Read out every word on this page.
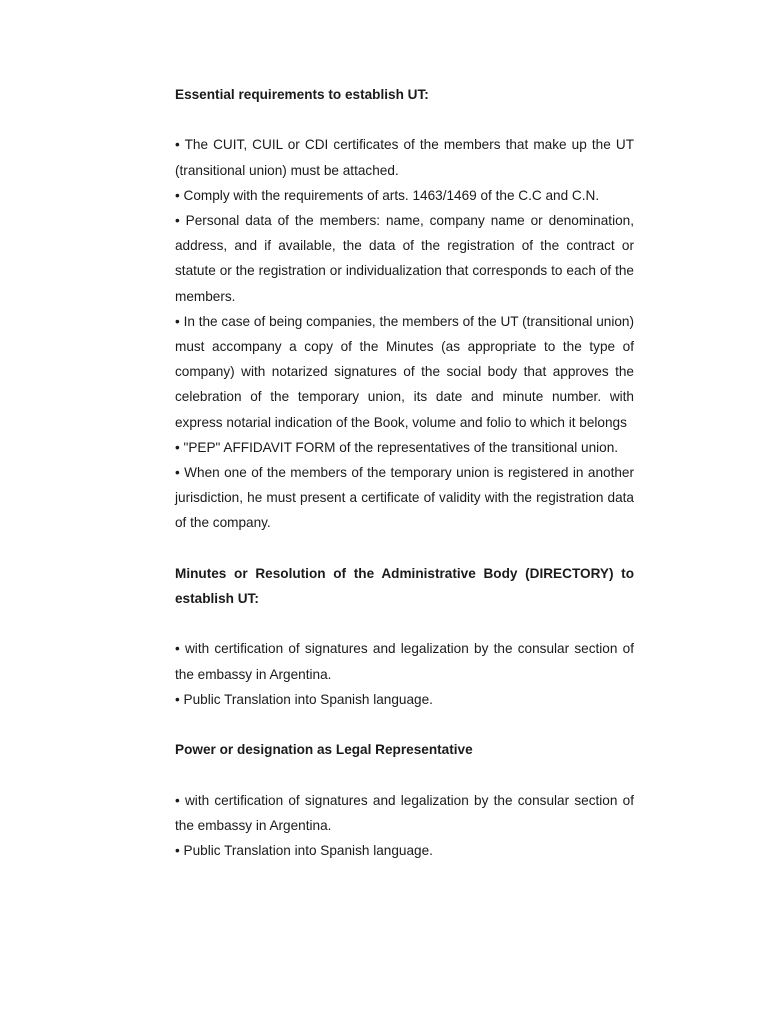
Essential requirements to establish UT:

• The CUIT, CUIL or CDI certificates of the members that make up the UT (transitional union) must be attached.

• Comply with the requirements of arts. 1463/1469 of the C.C and C.N.

• Personal data of the members: name, company name or denomination, address, and if available, the data of the registration of the contract or statute or the registration or individualization that corresponds to each of the members.

• In the case of being companies, the members of the UT (transitional union) must accompany a copy of the Minutes (as appropriate to the type of company) with notarized signatures of the social body that approves the celebration of the temporary union, its date and minute number. with express notarial indication of the Book, volume and folio to which it belongs

• "PEP" AFFIDAVIT FORM of the representatives of the transitional union.

• When one of the members of the temporary union is registered in another jurisdiction, he must present a certificate of validity with the registration data of the company.

Minutes or Resolution of the Administrative Body (DIRECTORY) to establish UT:

• with certification of signatures and legalization by the consular section of the embassy in Argentina.

• Public Translation into Spanish language.

Power or designation as Legal Representative

• with certification of signatures and legalization by the consular section of the embassy in Argentina.

• Public Translation into Spanish language.
